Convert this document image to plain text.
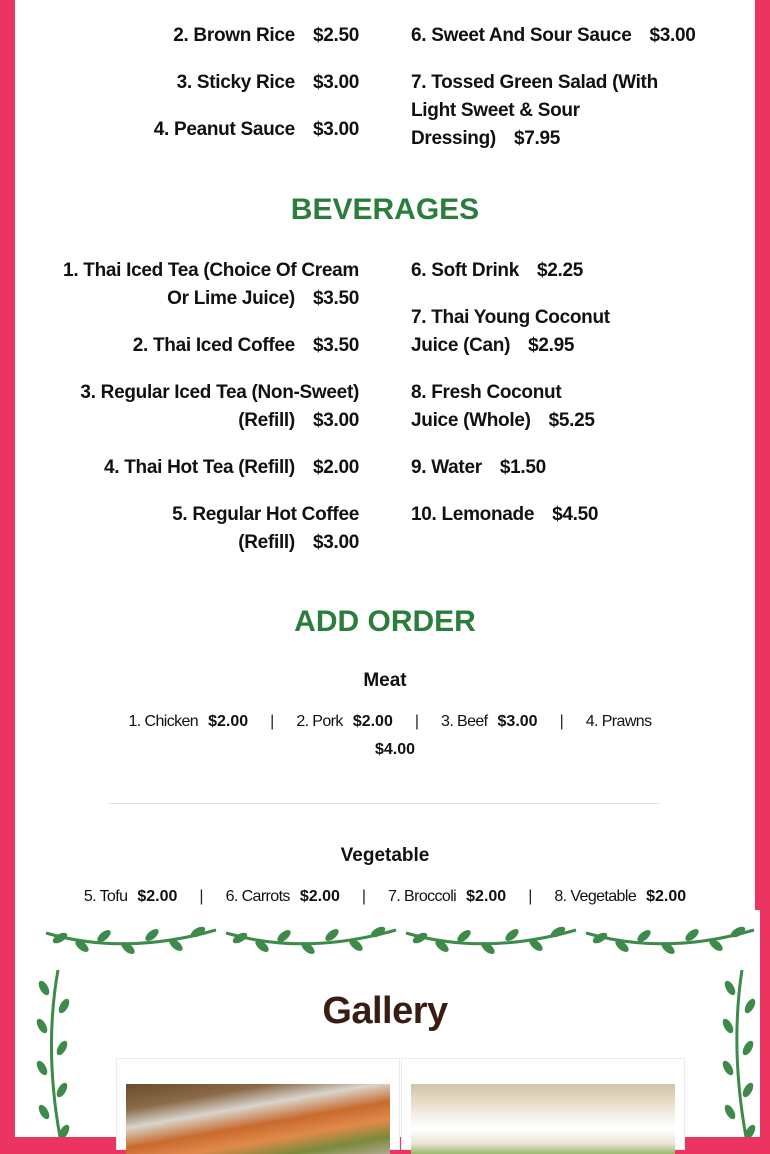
2. Brown Rice $2.50
3. Sticky Rice $3.00
4. Peanut Sauce $3.00
6. Sweet And Sour Sauce $3.00
7. Tossed Green Salad (With Light Sweet & Sour Dressing) $7.95
BEVERAGES
1. Thai Iced Tea (Choice Of Cream Or Lime Juice) $3.50
2. Thai Iced Coffee $3.50
3. Regular Iced Tea (Non-Sweet) (Refill) $3.00
4. Thai Hot Tea (Refill) $2.00
5. Regular Hot Coffee (Refill) $3.00
6. Soft Drink $2.25
7. Thai Young Coconut Juice (Can) $2.95
8. Fresh Coconut Juice (Whole) $5.25
9. Water $1.50
10. Lemonade $4.50
ADD ORDER
Meat
1. Chicken $2.00 | 2. Pork $2.00 | 3. Beef $3.00 | 4. Prawns $4.00
Vegetable
5. Tofu $2.00 | 6. Carrots $2.00 | 7. Broccoli $2.00 | 8. Vegetable $2.00
Gallery
